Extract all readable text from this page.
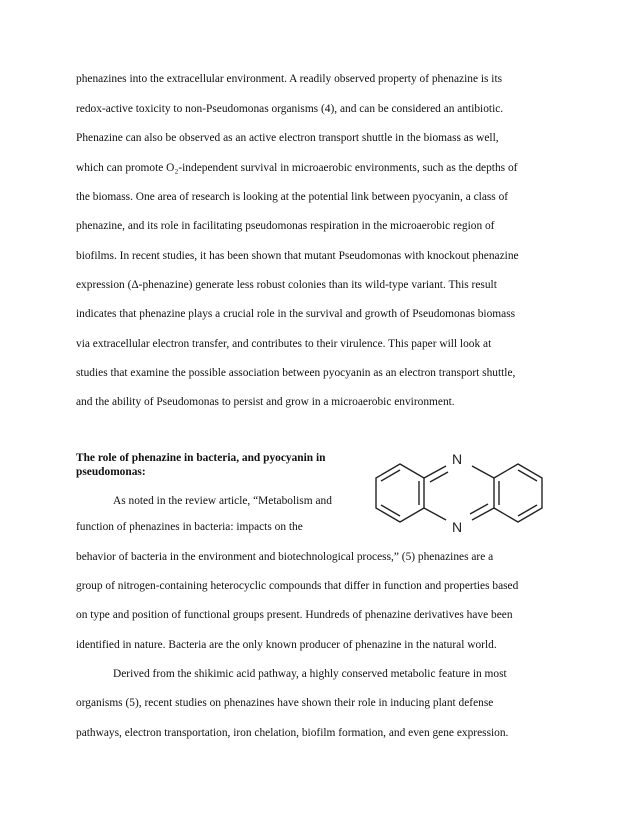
phenazines into the extracellular environment. A readily observed property of phenazine is its
redox-active toxicity to non-Pseudomonas organisms (4), and can be considered an antibiotic.
Phenazine can also be observed as an active electron transport shuttle in the biomass as well,
which can promote O₂-independent survival in microaerobic environments, such as the depths of
the biomass. One area of research is looking at the potential link between pyocyanin, a class of
phenazine, and its role in facilitating pseudomonas respiration in the microaerobic region of
biofilms. In recent studies, it has been shown that mutant Pseudomonas with knockout phenazine
expression (Δ-phenazine) generate less robust colonies than its wild-type variant. This result
indicates that phenazine plays a crucial role in the survival and growth of Pseudomonas biomass
via extracellular electron transfer, and contributes to their virulence. This paper will look at
studies that examine the possible association between pyocyanin as an electron transport shuttle,
and the ability of Pseudomonas to persist and grow in a microaerobic environment.
The role of phenazine in bacteria, and pyocyanin in
pseudomonas:
N
N
As noted in the review article, “Metabolism and
function of phenazines in bacteria: impacts on the
behavior of bacteria in the environment and biotechnological process,” (5) phenazines are a
group of nitrogen-containing heterocyclic compounds that differ in function and properties based
on type and position of functional groups present. Hundreds of phenazine derivatives have been
identified in nature. Bacteria are the only known producer of phenazine in the natural world.
Derived from the shikimic acid pathway, a highly conserved metabolic feature in most
organisms (5), recent studies on phenazines have shown their role in inducing plant defense
pathways, electron transportation, iron chelation, biofilm formation, and even gene expression.
